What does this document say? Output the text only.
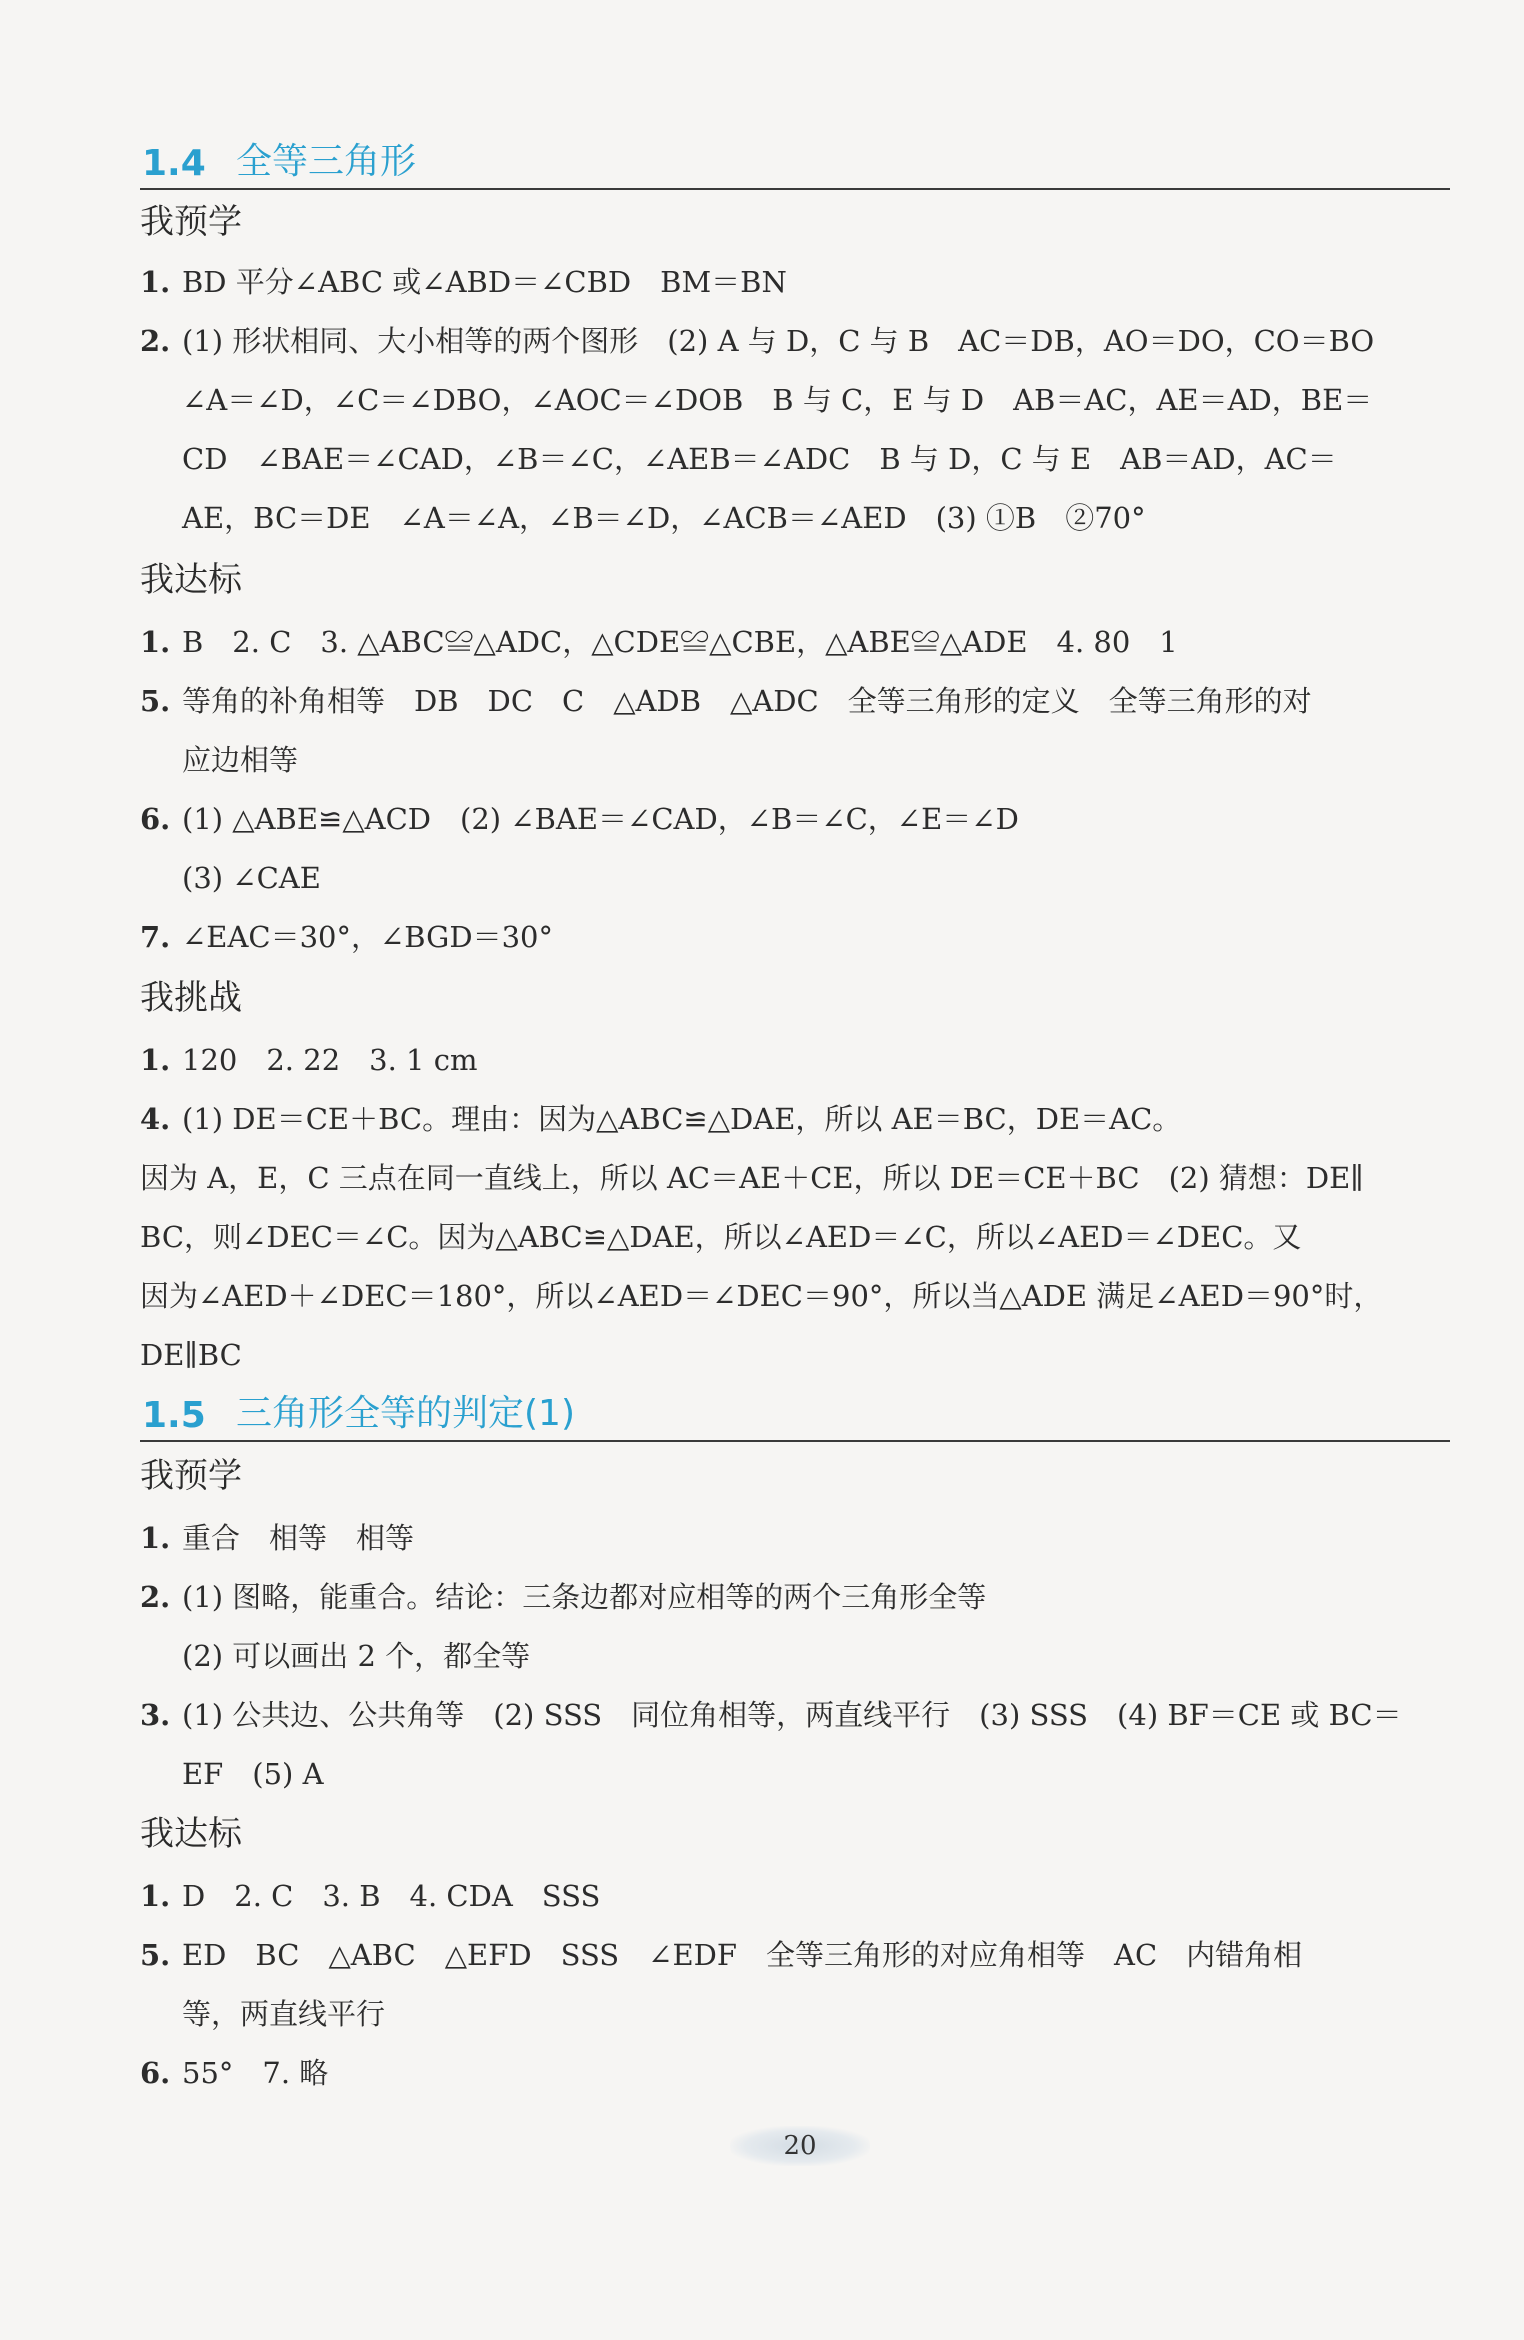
1.4 全等三角形
我预学
1. BD 平分∠ABC 或∠ABD＝∠CBD　BM＝BN
2. (1) 形状相同、大小相等的两个图形　(2) A 与 D，C 与 B　AC＝DB，AO＝DO，CO＝BO
∠A＝∠D，∠C＝∠DBO，∠AOC＝∠DOB　B 与 C，E 与 D　AB＝AC，AE＝AD，BE＝
CD　∠BAE＝∠CAD，∠B＝∠C，∠AEB＝∠ADC　B 与 D，C 与 E　AB＝AD，AC＝
AE，BC＝DE　∠A＝∠A，∠B＝∠D，∠ACB＝∠AED　(3) ①B　②70°
我达标
1. B　2. C　3. △ABC≌△ADC，△CDE≌△CBE，△ABE≌△ADE　4. 80　1
5. 等角的补角相等　DB　DC　C　△ADB　△ADC　全等三角形的定义　全等三角形的对
应边相等
6. (1) △ABE≌△ACD　(2) ∠BAE＝∠CAD，∠B＝∠C，∠E＝∠D
(3) ∠CAE
7. ∠EAC＝30°，∠BGD＝30°
我挑战
1. 120　2. 22　3. 1 cm
4. (1) DE＝CE＋BC。理由：因为△ABC≌△DAE，所以 AE＝BC，DE＝AC。
因为 A，E，C 三点在同一直线上，所以 AC＝AE＋CE，所以 DE＝CE＋BC　(2) 猜想：DE∥
BC，则∠DEC＝∠C。因为△ABC≌△DAE，所以∠AED＝∠C，所以∠AED＝∠DEC。又
因为∠AED＋∠DEC＝180°，所以∠AED＝∠DEC＝90°，所以当△ADE 满足∠AED＝90°时，
DE∥BC
1.5 三角形全等的判定(1)
我预学
1. 重合　相等　相等
2. (1) 图略，能重合。结论：三条边都对应相等的两个三角形全等
(2) 可以画出 2 个，都全等
3. (1) 公共边、公共角等　(2) SSS　同位角相等，两直线平行　(3) SSS　(4) BF＝CE 或 BC＝
EF　(5) A
我达标
1. D　2. C　3. B　4. CDA　SSS
5. ED　BC　△ABC　△EFD　SSS　∠EDF　全等三角形的对应角相等　AC　内错角相
等，两直线平行
6. 55°　7. 略
20
